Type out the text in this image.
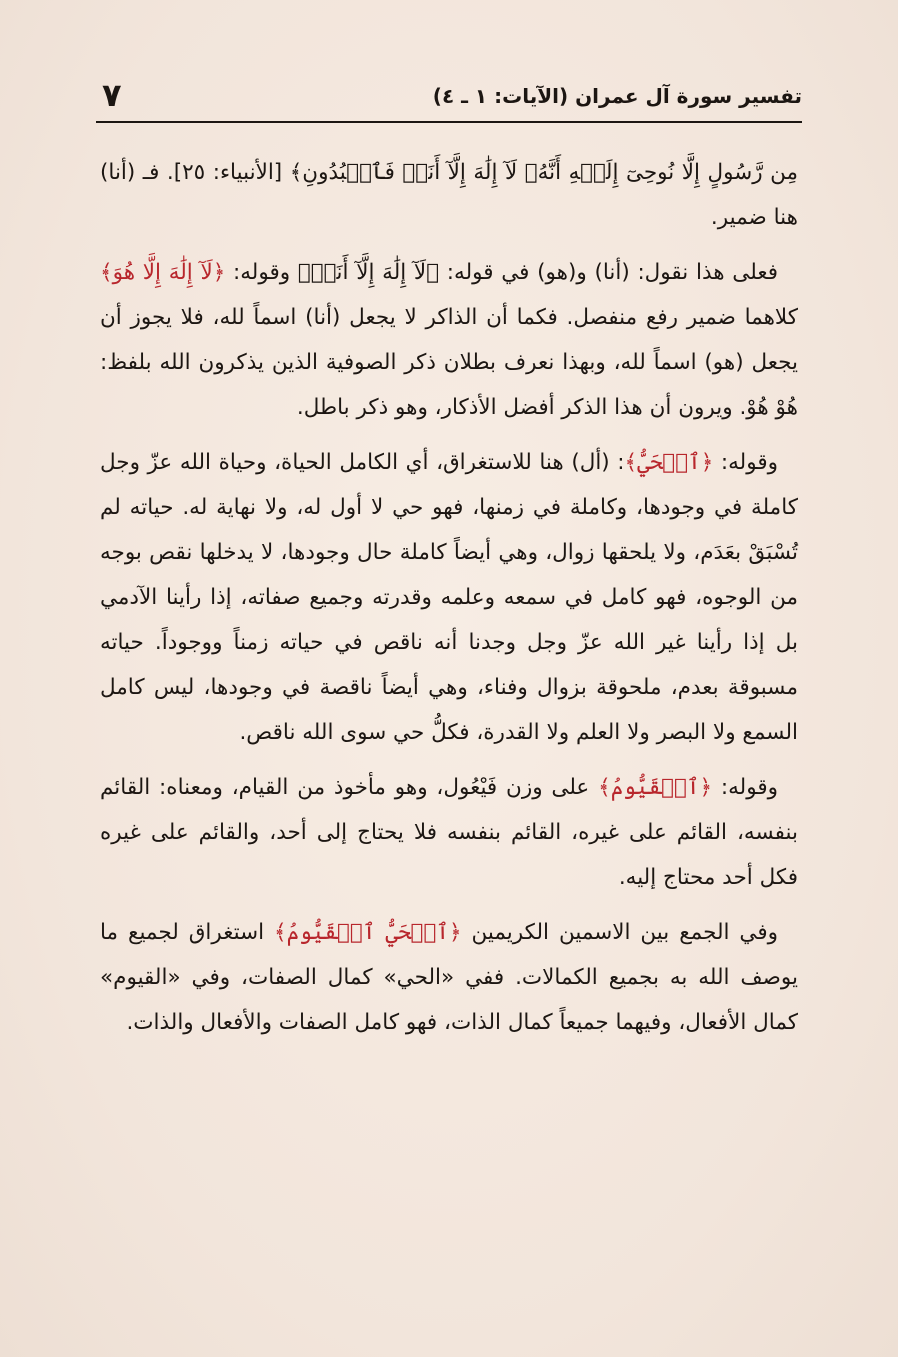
تفسير سورة آل عمران (الآيات: ١ ـ ٤)
٧

مِن رَّسُولٍ إِلَّا نُوحِىٓ إِلَيۡهِ أَنَّهُۥ لَآ إِلَٰهَ إِلَّآ أَنَا۠ فَٱعۡبُدُونِ﴾ [الأنبياء: ٢٥]. فـ (أنا) هنا ضمير.

فعلى هذا نقول: (أنا) و(هو) في قوله: ﴿لَآ إِلَٰهَ إِلَّآ أَنَا۠﴾ وقوله: ﴿لَآ إِلَٰهَ إِلَّا هُوَ﴾ كلاهما ضمير رفع منفصل. فكما أن الذاكر لا يجعل (أنا) اسماً لله، فلا يجوز أن يجعل (هو) اسماً لله، وبهذا نعرف بطلان ذكر الصوفية الذين يذكرون الله بلفظ: هُوْ هُوْ. ويرون أن هذا الذكر أفضل الأذكار، وهو ذكر باطل.

وقوله: ﴿ٱلۡحَيُّ﴾: (أل) هنا للاستغراق، أي الكامل الحياة، وحياة الله عزّ وجل كاملة في وجودها، وكاملة في زمنها، فهو حي لا أول له، ولا نهاية له. حياته لم تُسْبَقْ بعَدَم، ولا يلحقها زوال، وهي أيضاً كاملة حال وجودها، لا يدخلها نقص بوجه من الوجوه، فهو كامل في سمعه وعلمه وقدرته وجميع صفاته، إذا رأينا الآدمي بل إذا رأينا غير الله عزّ وجل وجدنا أنه ناقص في حياته زمناً ووجوداً. حياته مسبوقة بعدم، ملحوقة بزوال وفناء، وهي أيضاً ناقصة في وجودها، ليس كامل السمع ولا البصر ولا العلم ولا القدرة، فكلُّ حي سوى الله ناقص.

وقوله: ﴿ٱلۡقَيُّومُ﴾ على وزن فَيْعُول، وهو مأخوذ من القيام، ومعناه: القائم بنفسه، القائم على غيره، القائم بنفسه فلا يحتاج إلى أحد، والقائم على غيره فكل أحد محتاج إليه.

وفي الجمع بين الاسمين الكريمين ﴿ٱلۡحَيُّ ٱلۡقَيُّومُ﴾ استغراق لجميع ما يوصف الله به بجميع الكمالات. ففي «الحي» كمال الصفات، وفي «القيوم» كمال الأفعال، وفيهما جميعاً كمال الذات، فهو كامل الصفات والأفعال والذات.
